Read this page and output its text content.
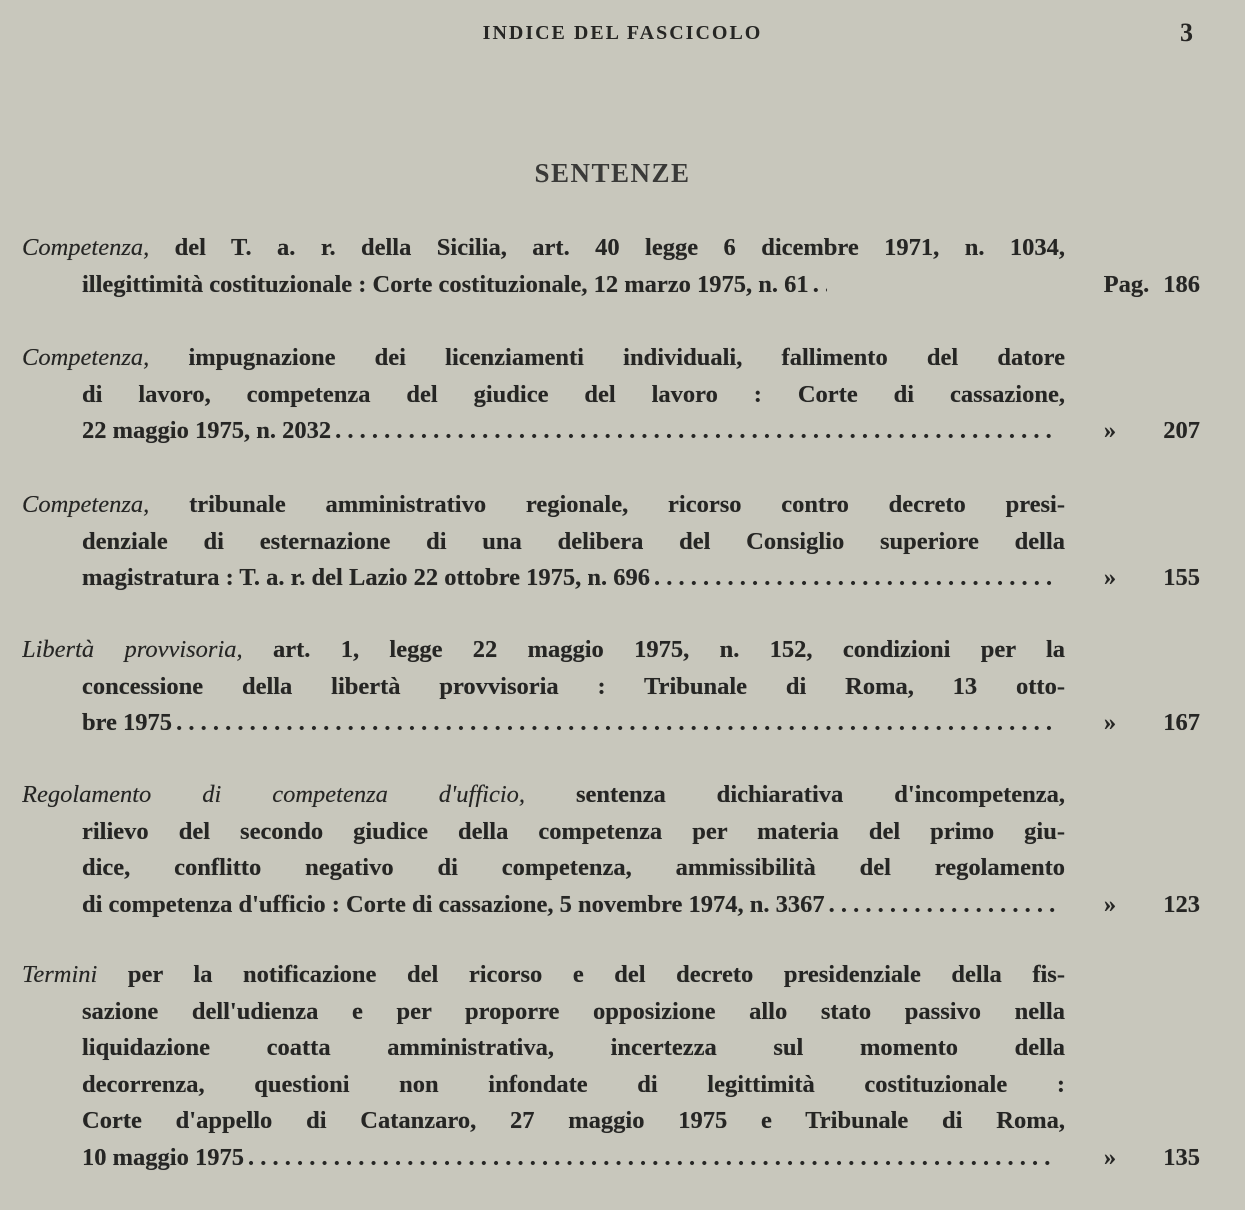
INDICE DEL FASCICOLO	3
SENTENZE
Competenza, del T. a. r. della Sicilia, art. 40 legge 6 dicembre 1971, n. 1034,
illegittimità costituzionale : Corte costituzionale, 12 marzo 1975, n. 61 . . .	Pag. 186
Competenza, impugnazione dei licenziamenti individuali, fallimento del datore
di lavoro, competenza del giudice del lavoro : Corte di cassazione,
22 maggio 1975, n. 2032 . . .	»	207
Competenza, tribunale amministrativo regionale, ricorso contro decreto presi-
denziale di esternazione di una delibera del Consiglio superiore della
magistratura : T. a. r. del Lazio 22 ottobre 1975, n. 696 . . .	»	155
Libertà provvisoria, art. 1, legge 22 maggio 1975, n. 152, condizioni per la
concessione della libertà provvisoria : Tribunale di Roma, 13 otto-
bre 1975 . . .	»	167
Regolamento di competenza d'ufficio, sentenza dichiarativa d'incompetenza,
rilievo del secondo giudice della competenza per materia del primo giu-
dice, conflitto negativo di competenza, ammissibilità del regolamento
di competenza d'ufficio : Corte di cassazione, 5 novembre 1974, n. 3367 . . .	»	123
Termini per la notificazione del ricorso e del decreto presidenziale della fis-
sazione dell'udienza e per proporre opposizione allo stato passivo nella
liquidazione coatta amministrativa, incertezza sul momento della
decorrenza, questioni non infondate di legittimità costituzionale :
Corte d'appello di Catanzaro, 27 maggio 1975 e Tribunale di Roma,
10 maggio 1975 . . .	»	135
